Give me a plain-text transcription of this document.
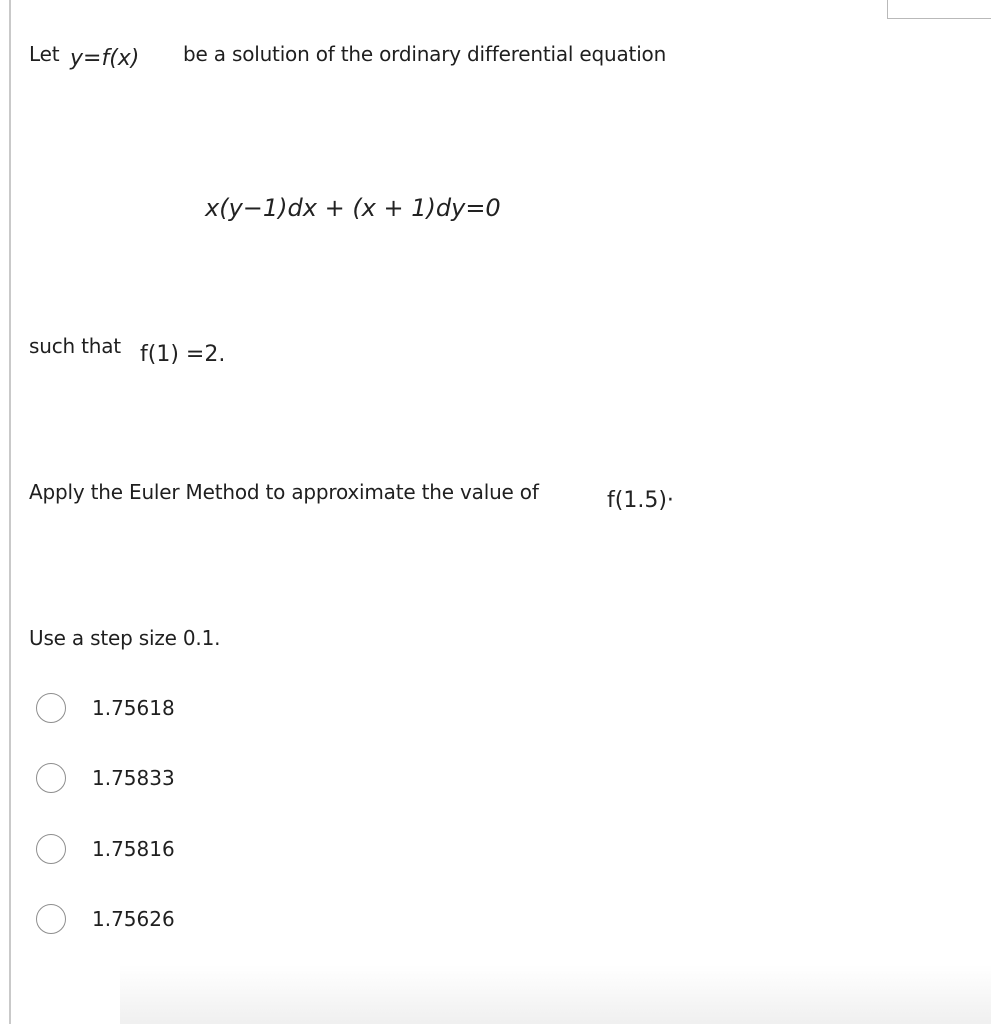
Let y=f(x) be a solution of the ordinary differential equation
x(y−1)dx + (x + 1)dy=0
such that f(1) =2.
Apply the Euler Method to approximate the value of	f(1.5)·
Use a step size 0.1.
1.75618
1.75833
1.75816
1.75626
